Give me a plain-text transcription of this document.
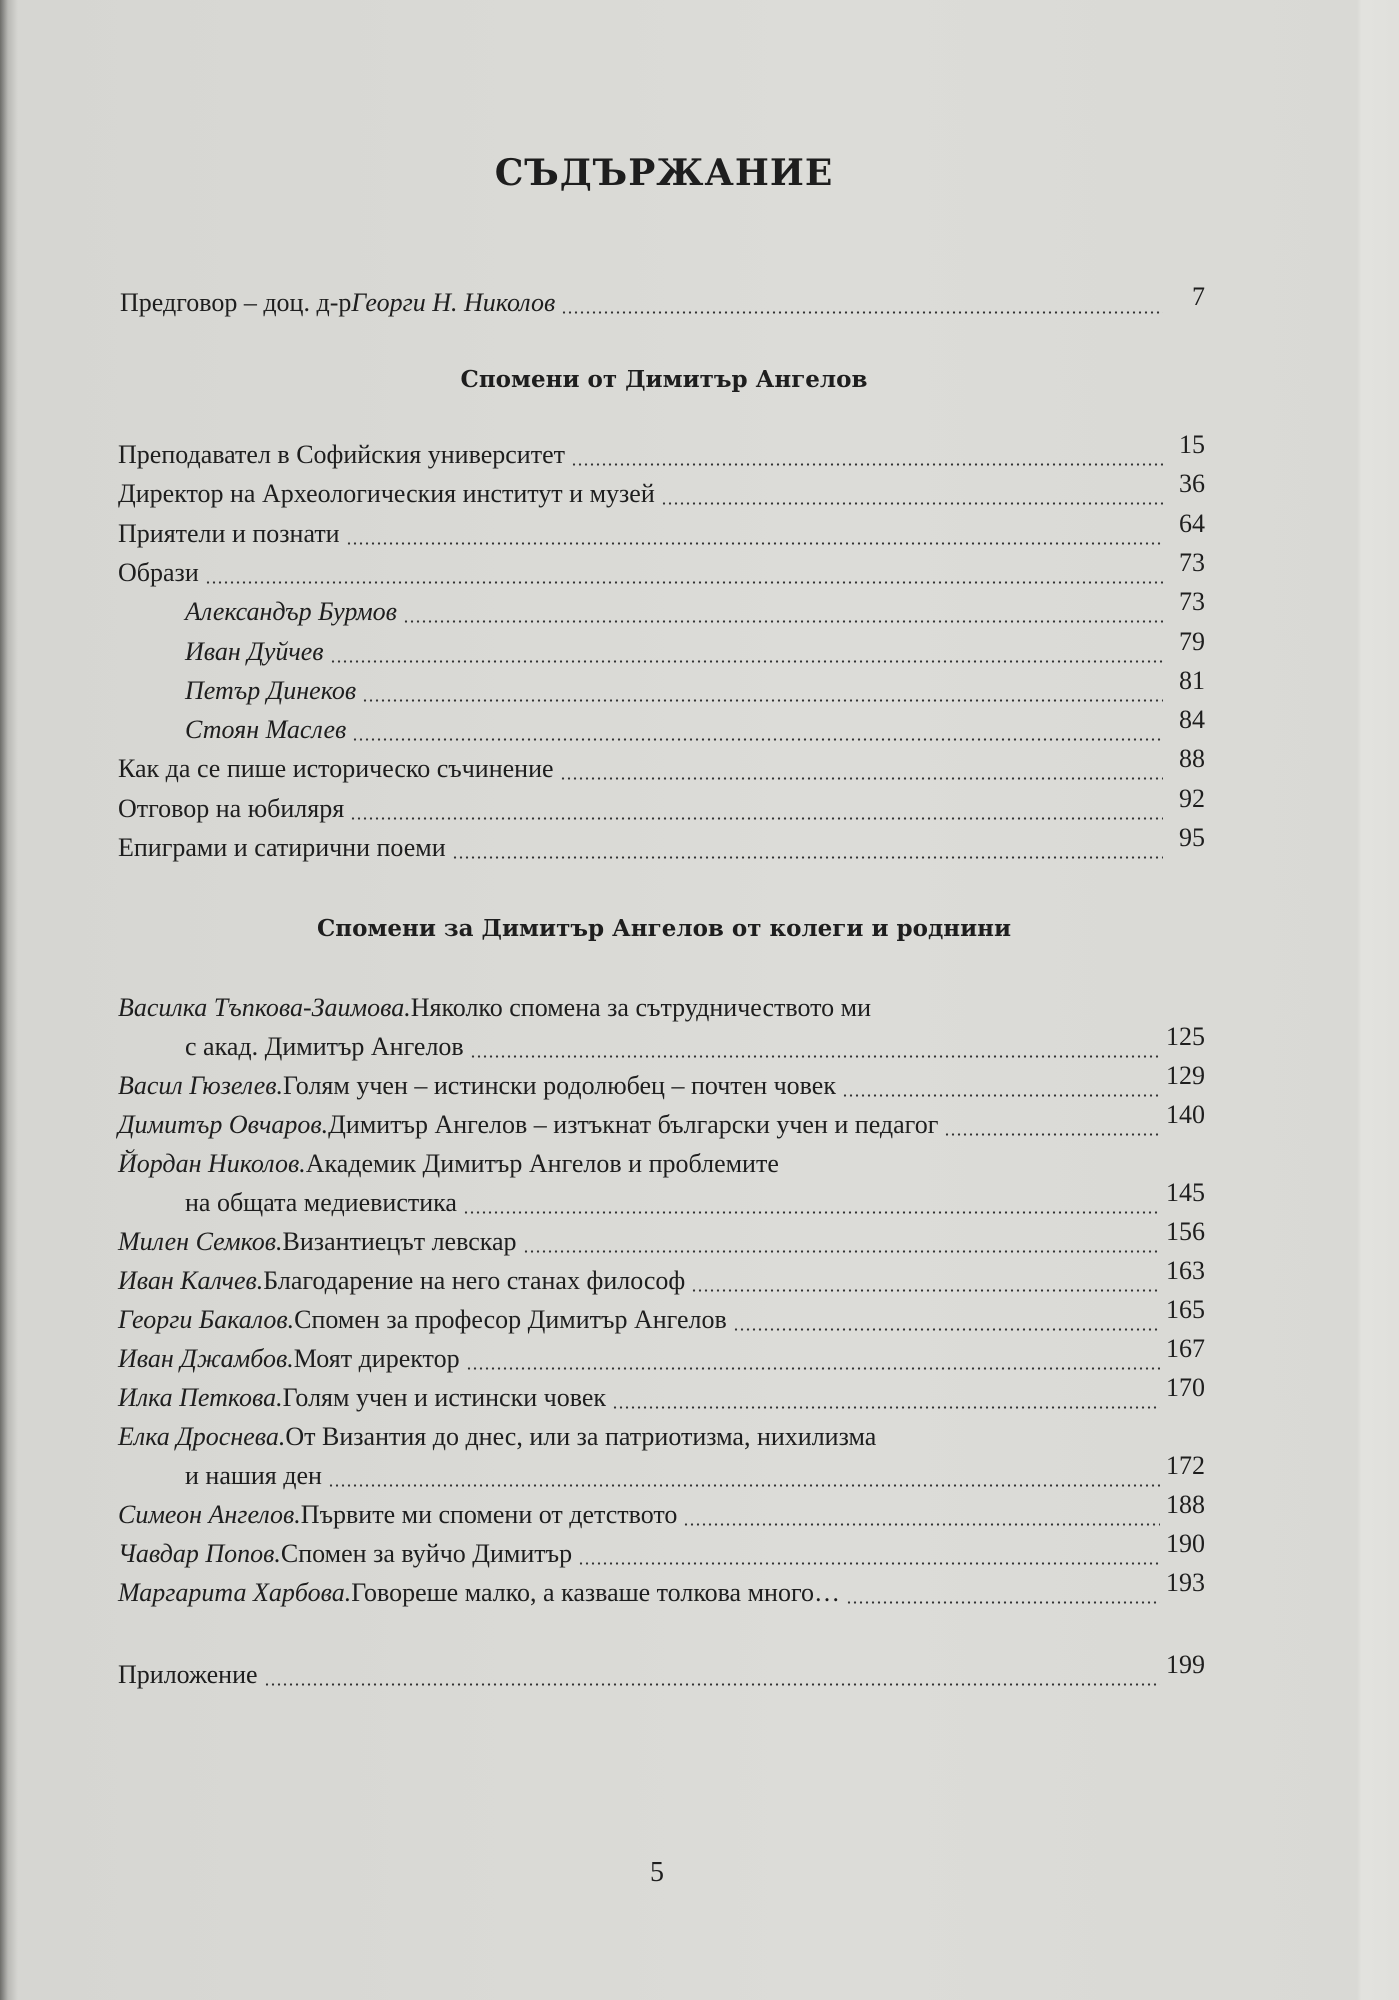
СЪДЪРЖАНИЕ
Предговор – доц. д-р Георги Н. Николов	7
Спомени от Димитър Ангелов
Преподавател в Софийския университет	15
Директор на Археологическия институт и музей	36
Приятели и познати	64
Образи	73
Александър Бурмов	73
Иван Дуйчев	79
Петър Динеков	81
Стоян Маслев	84
Как да се пише историческо съчинение	88
Отговор на юбиляря	92
Епиграми и сатирични поеми	95
Спомени за Димитър Ангелов от колеги и роднини
Василка Тъпкова-Заимова. Няколко спомена за сътрудничеството ми
с акад. Димитър Ангелов	125
Васил Гюзелев. Голям учен – истински родолюбец – почтен човек	129
Димитър Овчаров. Димитър Ангелов – изтъкнат български учен и педагог	140
Йордан Николов. Академик Димитър Ангелов и проблемите
на общата медиевистика	145
Милен Семков. Византиецът левскар	156
Иван Калчев. Благодарение на него станах философ	163
Георги Бакалов. Спомен за професор Димитър Ангелов	165
Иван Джамбов. Моят директор	167
Илка Петкова. Голям учен и истински човек	170
Елка Дроснева. От Византия до днес, или за патриотизма, нихилизма
и нашия ден	172
Симеон Ангелов. Първите ми спомени от детството	188
Чавдар Попов. Спомен за вуйчо Димитър	190
Маргарита Харбова. Говореше малко, а казваше толкова много…	193
Приложение	199
5
